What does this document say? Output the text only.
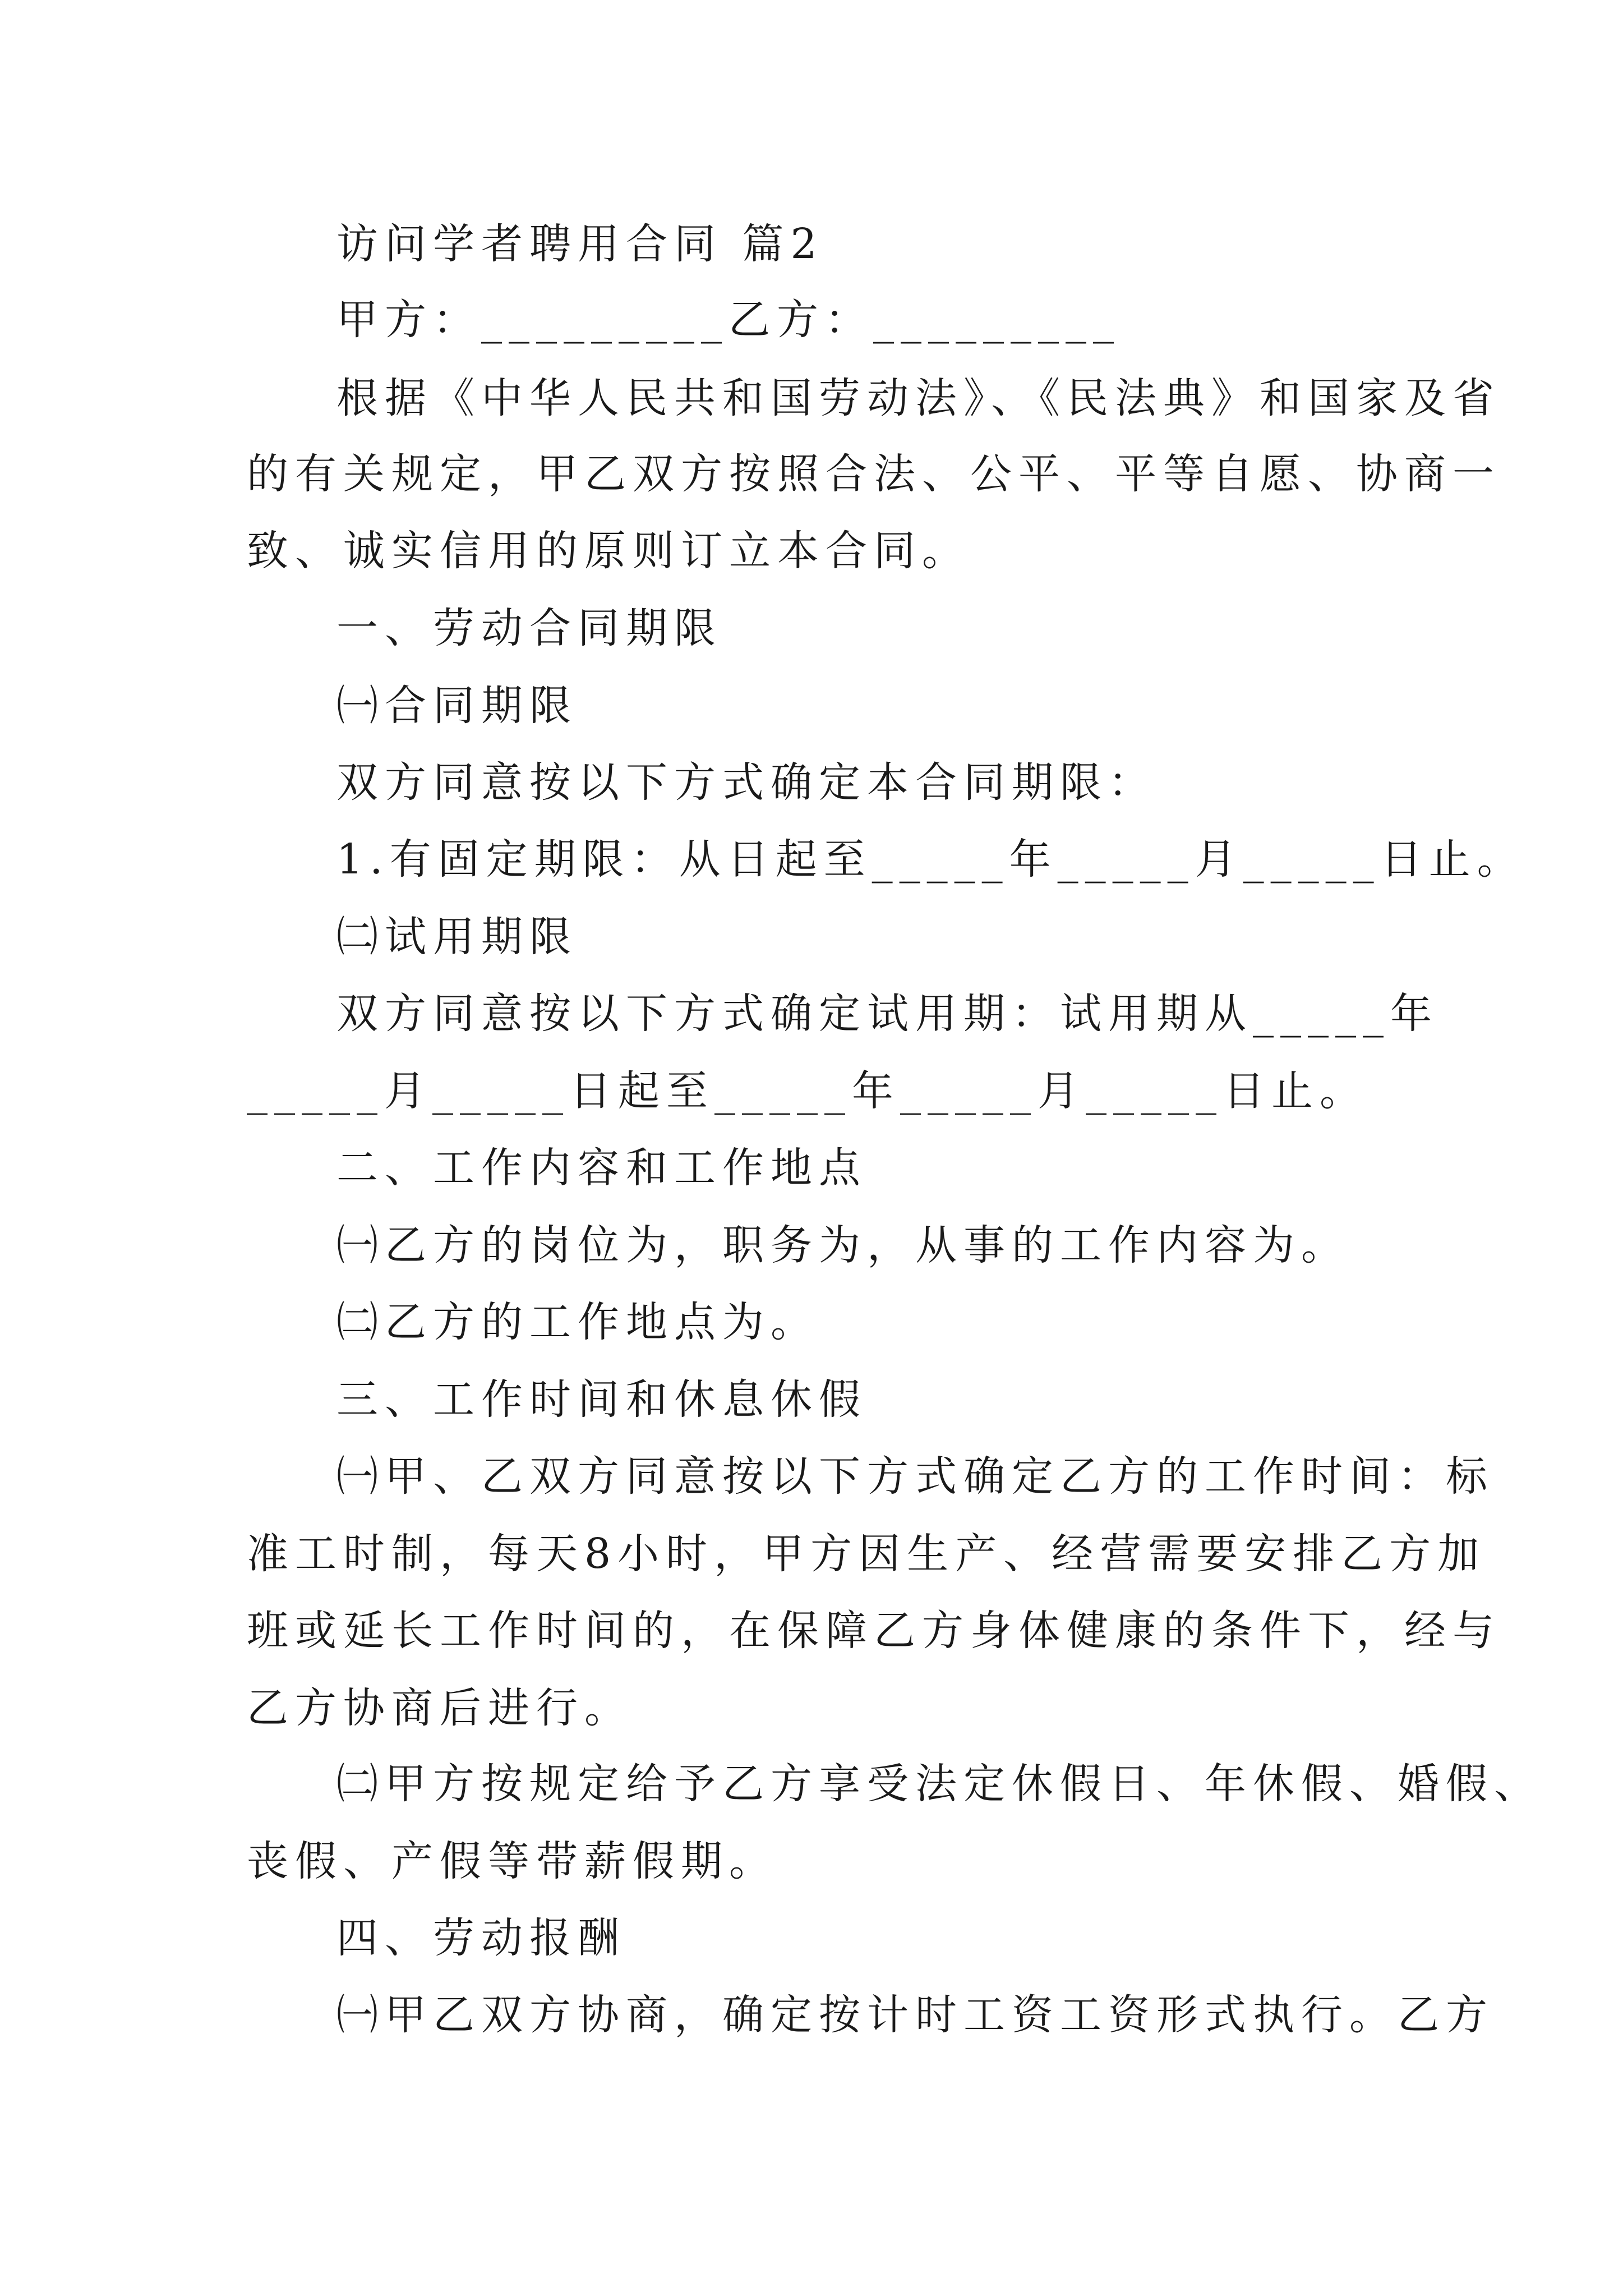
访问学者聘用合同 篇2

甲方：_________乙方：_________

根据《中华人民共和国劳动法》、《民法典》和国家及省

的有关规定，甲乙双方按照合法、公平、平等自愿、协商一

致、诚实信用的原则订立本合同。

一、劳动合同期限

㈠合同期限

双方同意按以下方式确定本合同期限：

1.有固定期限：从日起至_____年_____月_____日止。

㈡试用期限

双方同意按以下方式确定试用期：试用期从_____年

_____月_____日起至_____年_____月_____日止。

二、工作内容和工作地点

㈠乙方的岗位为，职务为，从事的工作内容为。

㈡乙方的工作地点为。

三、工作时间和休息休假

㈠甲、乙双方同意按以下方式确定乙方的工作时间：标

准工时制，每天8小时，甲方因生产、经营需要安排乙方加

班或延长工作时间的，在保障乙方身体健康的条件下，经与

乙方协商后进行。

㈡甲方按规定给予乙方享受法定休假日、年休假、婚假、

丧假、产假等带薪假期。

四、劳动报酬

㈠甲乙双方协商，确定按计时工资工资形式执行。乙方
